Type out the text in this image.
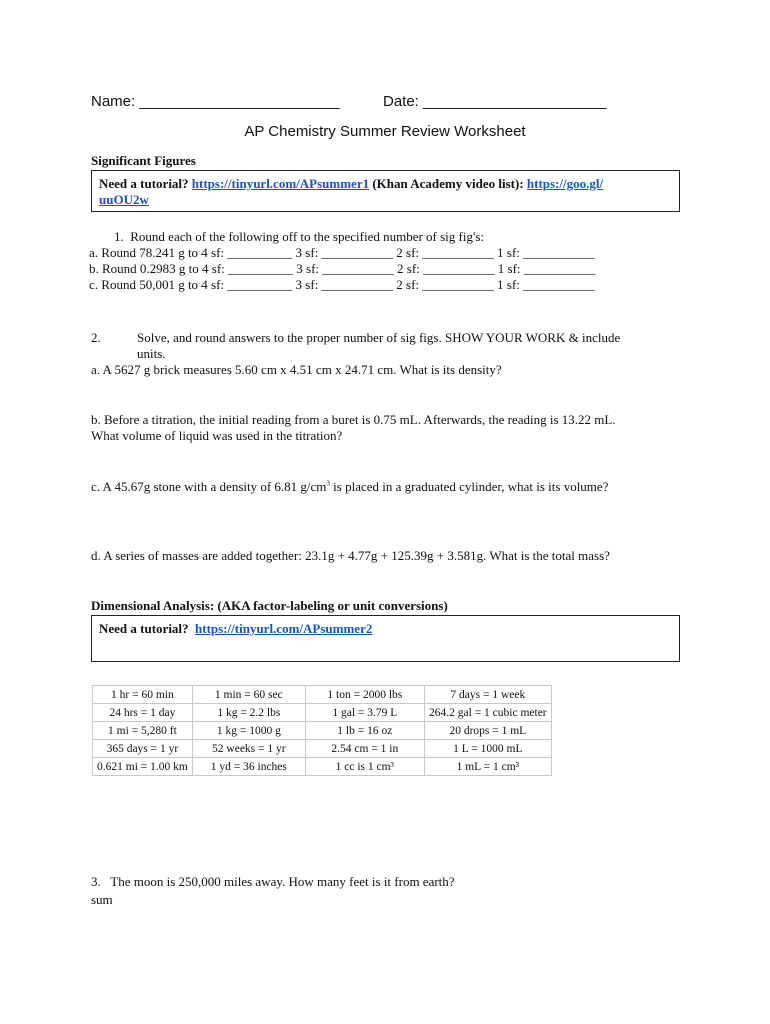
Name: ________________________	Date: ______________________
AP Chemistry Summer Review Worksheet
Significant Figures
Need a tutorial? https://tinyurl.com/APsummer1 (Khan Academy video list): https://goo.gl/
uuOU2w
1. Round each of the following off to the specified number of sig fig's:
a. Round 78.241 g to 4 sf: __________ 3 sf: ___________ 2 sf: ___________ 1 sf: ___________
b. Round 0.2983 g to 4 sf: __________ 3 sf: ___________ 2 sf: ___________ 1 sf: ___________
c. Round 50,001 g to 4 sf: __________ 3 sf: ___________ 2 sf: ___________ 1 sf: ___________
2.	Solve, and round answers to the proper number of sig figs. SHOW YOUR WORK & include
units.
a. A 5627 g brick measures 5.60 cm x 4.51 cm x 24.71 cm. What is its density?
b. Before a titration, the initial reading from a buret is 0.75 mL. Afterwards, the reading is 13.22 mL.
What volume of liquid was used in the titration?
c. A 45.67g stone with a density of 6.81 $g/cm^3$ is placed in a graduated cylinder, what is its volume?
d. A series of masses are added together: 23.1g + 4.77g + 125.39g + 3.581g. What is the total mass?
Dimensional Analysis: (AKA factor-labeling or unit conversions)
Need a tutorial? https://tinyurl.com/APsummer2
1 hr = 60 min	1 min = 60 sec	1 ton = 2000 lbs	7 days = 1 week
24 hrs = 1 day	1 kg = 2.2 lbs	1 gal = 3.79 L	264.2 gal = 1 cubic meter
1 mi = 5,280 ft	1 kg = 1000 g	1 lb = 16 oz	20 drops = 1 mL
365 days = 1 yr	52 weeks = 1 yr	2.54 cm = 1 in	1 L = 1000 mL
0.621 mi = 1.00 km	1 yd = 36 inches	1 cc is 1 cm³	1 mL = 1 cm³
3. The moon is 250,000 miles away. How many feet is it from earth?
sum
